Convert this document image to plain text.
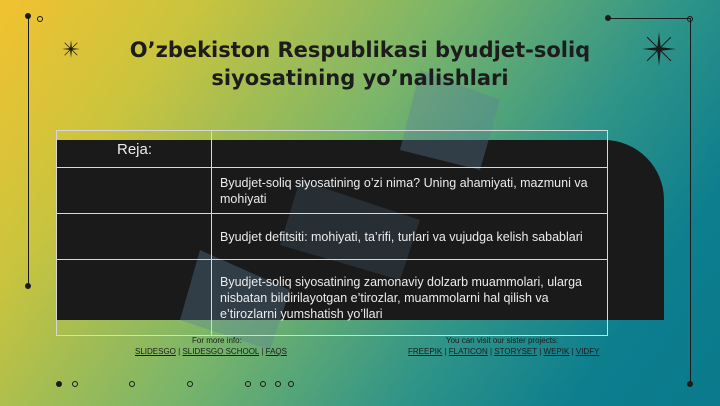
O’zbekiston Respublikasi byudjet-soliq
siyosatining yo’nalishlari
Reja:	
	Byudjet-soliq siyosatining o’zi nima? Uning ahamiyati, mazmuni va mohiyati
	Byudjet defitsiti: mohiyati, ta’rifi, turlari va vujudga kelish sabablari
	Byudjet-soliq siyosatining zamonaviy dolzarb muammolari, ularga nisbatan bildirilayotgan e’tirozlar, muammolarni hal qilish va e’tirozlarni yumshatish yo’llari
For more info:
SLIDESGO | SLIDESGO SCHOOL | FAQS
You can visit our sister projects:
FREEPIK | FLATICON | STORYSET | WEPIK | VIDFY
